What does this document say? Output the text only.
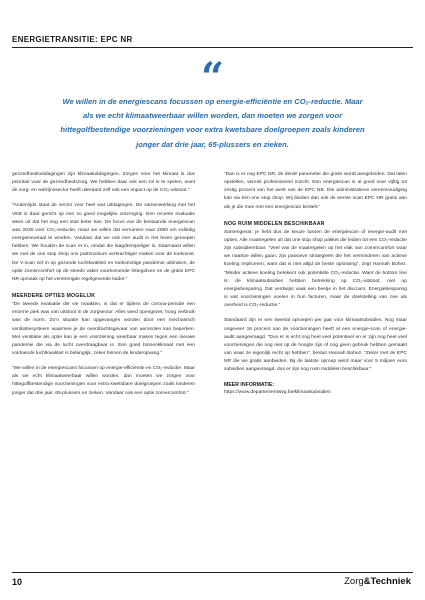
ENERGIETRANSITIE: EPC NR
“

We willen in de energiescans focussen op energie-efficiëntie en CO₂-reductie. Maar als we echt klimaatweerbaar willen worden, dan moeten we zorgen voor hittegolfbestendige voorzieningen voor extra kwetsbare doelgroepen zoals kinderen jonger dat drie jaar, 65-plussers en zieken.

gezondheidsuitdagingen zijn klimaatuitdagingen. Zorgen voor het klimaat is dus prioritair voor de gezondheidszorg. We hebben daar ook een rol in te spelen, want de zorg- en welzijnssector heeft uiteraard zelf ook een impact op de CO₂-uitstoot.”

“Anderzijds staat de sector voor heel wat uitdagingen. De samenwerking met het VEB is daar gericht op een zo goed mogelijke ontzorging. Een recente evaluatie wees uit dat het nog een stuk beter kan. De focus van de bestaande energiescan was 2030 voor CO₂-reductie, maar we willen dat verruimen naar 2050 om volledig energieneutraal te worden. Vandaar dat we ook een audit in het leven geroepen hebben. We houden de scan er in, omdat die laagdrempeliger is. Daarnaast willen we met de one stop shop ons patrimonium verkrachtiger maken voor de toekomst. De V-scan zet in op gezonde luchtkwaliteit en toekomstige pandemie uitbraken, de optie zomercomfort op de steeds vaker voorkomende hittegolven en de gratis EPC NR opmaak op het verstrengde regelgevende kader.”

MEERDERE OPTIES MOGELIJK

“De tweede evaluatie die we maakten, is dat er tijdens de corona-periode een enorme piek was van uitstoot in de zorgsector. Alles werd opengezet, hoog verbruik was de norm. Zo’n situatie kan opgevangen worden door een mechanisch ventilatiesysteem waarmee je de overdrachtsgevaar van aerosolen kan beperken. Met ventilatie als optie kan je een voorziening weerbaar maken tegen een nieuwe pandemie die via de lucht overdraagbaar is. Een goed binnenklimaat met een voldoende luchtkwaliteit is belangrijk, zeker binnen de kinderopvang.”

“We willen in de energiescans focussen op energie-efficiëntie en CO₂-reductie. Maar als we echt klimaatweerbaar willen worden, dan moeten we zorgen voor hittegolfbestendige voorzieningen voor extra kwetsbare doelgroepen zoals kinderen jonger dat drie jaar, 65-plussers en zieken. Vandaar ook een optie zomercomfort.”

“Dan is er nog EPC NR, de derde parameter die gratis wordt aangeboden. Dat laten opstellen, vereist professioneel inzicht. Een energiescan is al goed voor vijftig tot zestig procent van het werk van de EPC NB. Die administratieve vereenvoudiging kan via één one stop shop. Wij bieden dan ook de eerste scan EPC NR gratis aan als je die mee met een energiescan bestelt.”

NOG RUIM MIDDELEN BESCHIKBAAR

Samengevat: je hebt dus de keuze tussen de energiescan of energie-audit met opties. Alle maatregelen uit dat one stop shop pakket die leiden tot een CO₂-reductie zijn subsidieerbaar. “Veel van de maatregelen op het vlak van zomercomfort waar we naartoe willen gaan, zijn passieve strategieën die het verminderen van actieve koeling impliceren, want dat is niet altijd de beste oplossing”, zegt Hannah Bohez. “Minder actieve koeling betekent ook potentiële CO₂-reductie. Want de bottom line is: de klimaatsubsidies hebben betrekking op CO₂-uitstoot, niet op energiebesparing. Dat verdwijnt vaak een beetje in het discours. Energiebesparing is wat voorzieningen voelen in hun facturen, maar de doelstelling van one als overheid is CO₂-reductie.”

Standaard zijn er een tweetal oproepen per jaar voor klimaatsubsidies. Nog maar ongeveer 16 procent van de voorzieningen heeft al een energie-scan of energie-audit aangevraagd. “Dus er is echt nog heel veel potentieel en er zijn nog heel veel voorzieningen die nog niet op de hoogte zijn of nog geen gebruik hebben gemaakt van waar ze eigenlijk recht op hebben”, besluit Hannah Bohez. “Zeker met de EPC NR die we gratis aanbieden. Bij de laatste oproep werd maar voor 5 miljoen euro subsidies aangevraagd, dus er zijn nog ruim middelen beschikbaar.”

MEER INFORMATIE:
https://www.departementwvg.be/klimaatsubsidies
10	Zorg&Techniek
